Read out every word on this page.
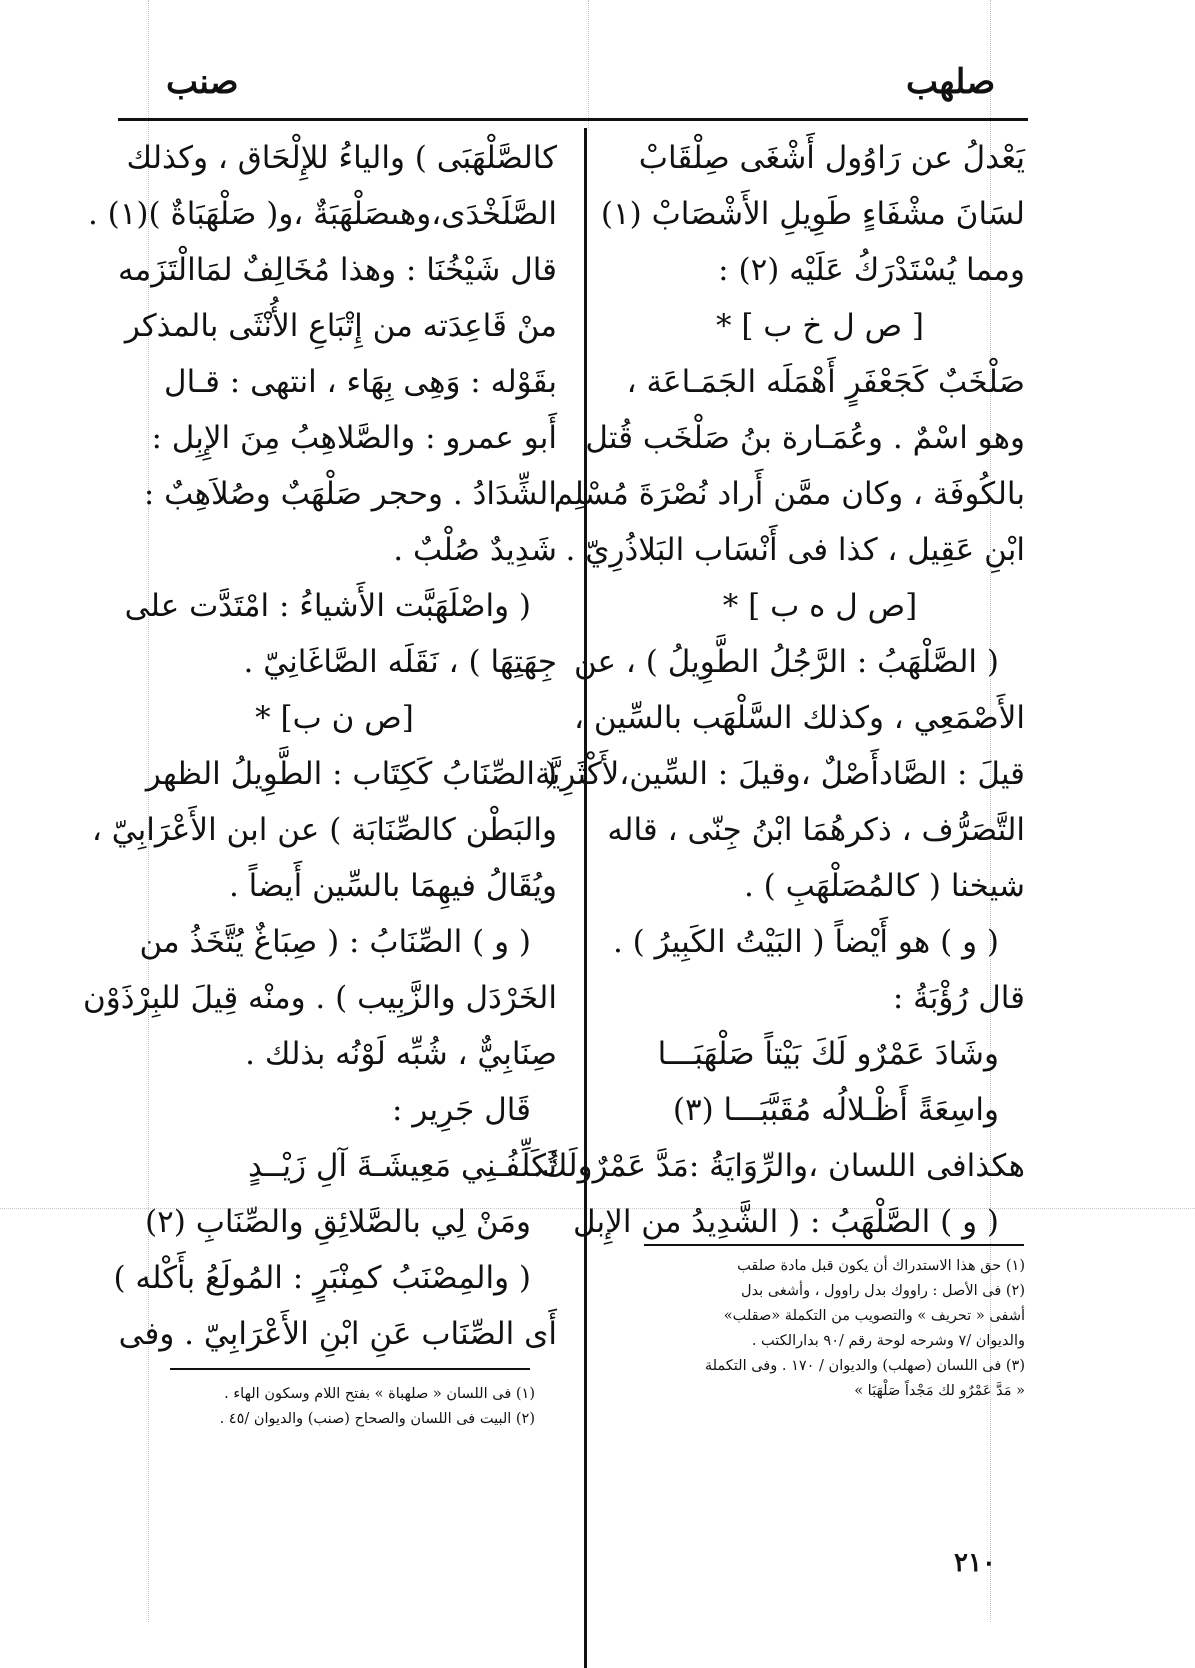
صلهب
صنب
يَعْدلُ عن رَاوُول أَشْغَى صِلْقَابْ
لسَانَ مشْفَاءٍ طَوِيلِ الأَشْصَابْ (١)
ومما يُسْتَدْرَكُ عَلَيْه (٢) :
[ ص ل خ ب ] *
صَلْخَبٌ كَجَعْفَرٍ أَهْمَلَه الجَمَـاعَة ،
وهو اسْمٌ . وعُمَـارة بنُ صَلْخَب قُتل
بالكُوفَة ، وكان ممَّن أَراد نُصْرَةَ مُسْلِم
ابْنِ عَقِيل ، كذا فى أَنْسَاب البَلاذُرِيّ .
[ص ل ه ب ] *
( الصَّلْهَبُ : الرَّجُلُ الطَّوِيلُ ) ، عن
الأَصْمَعِي ، وكذلك السَّلْهَب بالسِّين ،
قيلَ : الصَّادأَصْلٌ ،وقيلَ : السِّين،لأَكْثَرِيَّة
التَّصَرُّف ، ذكرهُمَا ابْنُ جِنّى ، قاله
شيخنا ( كالمُصَلْهَبِ ) .
( و ) هو أَيْضاً ( البَيْتُ الكَبِيرُ ) .
قال رُؤْبَةُ :
وشَادَ عَمْرٌو لَكَ بَيْتاً صَلْهَبَـــا
واسِعَةً أَظْـلالُه مُقَبَّبَـــا (٣)
هكذافى اللسان ،والرِّوَايَةُ :مَدَّ عَمْرٌولَكَ.
( و ) الصَّلْهَبُ : ( الشَّدِيدُ من الإِبل
(١) حق هذا الاستدراك أن يكون قبل مادة صلقب
(٢) فى الأصل : راووك بدل راوول ، وأشغى بدل
أشفى « تحريف » والتصويب من التكملة «صقلب»
والديوان /٧ وشرحه لوحة رقم /٩٠ بدارالكتب .
(٣) فى اللسان (صهلب) والديوان / ١٧٠ . وفى التكملة
« مَدَّ عَمْرٌو لك مَجْداً صَلْهَبَا »
كالصَّلْهَبَى ) والياءُ للإِلْحَاق ، وكذلك
الصَّلَخْدَى،وهىصَلْهَبَةٌ ،و( صَلْهَبَاةٌ )(١) .
قال شَيْخُنَا : وهذا مُخَالِفٌ لمَاالْتَزَمه
منْ قَاعِدَته من إِتْبَاعِ الأُنْثَى بالمذكر
بقَوْله : وَهِى بِهَاء ، انتهى : قـال
أَبو عمرو : والصَّلاهِبُ مِنَ الإِبِل :
الشِّدَادُ . وحجر صَلْهَبٌ وصُلاَهِبٌ :
شَدِيدٌ صُلْبٌ .
( واصْلَهَبَّت الأَشياءُ : امْتَدَّت على
جِهَتِهَا ) ، نَقَلَه الصَّاغَانِيّ .
[ص ن ب] *
( الصِّنَابُ كَكِتَاب : الطَّوِيلُ الظهر
والبَطْن كالصِّنَابَة ) عن ابن الأَعْرَابِيّ ،
ويُقَالُ فيهِمَا بالسِّين أَيضاً .
( و ) الصِّنَابُ : ( صِبَاغٌ يُتَّخَذُ من
الخَرْدَل والزَّبِيب ) . ومنْه قِيلَ للبِرْذَوْن
صِنَابِيٌّ ، شُبِّه لَوْنُه بذلك .
قَال جَرِير :
تُكَلِّفُـنِي مَعِيشَـةَ آلِ زَيْــدٍ
ومَنْ لِي بالصَّلائِقِ والصِّنَابِ (٢)
( والمِصْنَبُ كمِنْبَرٍ : المُولَعُ بأَكْله )
أَى الصِّنَاب عَنِ ابْنِ الأَعْرَابِيّ . وفى
(١) فى اللسان « صلهباة » بفتح اللام وسكون الهاء .
(٢) البيت فى اللسان والصحاح (صنب) والديوان /٤٥ .
٢١٠
